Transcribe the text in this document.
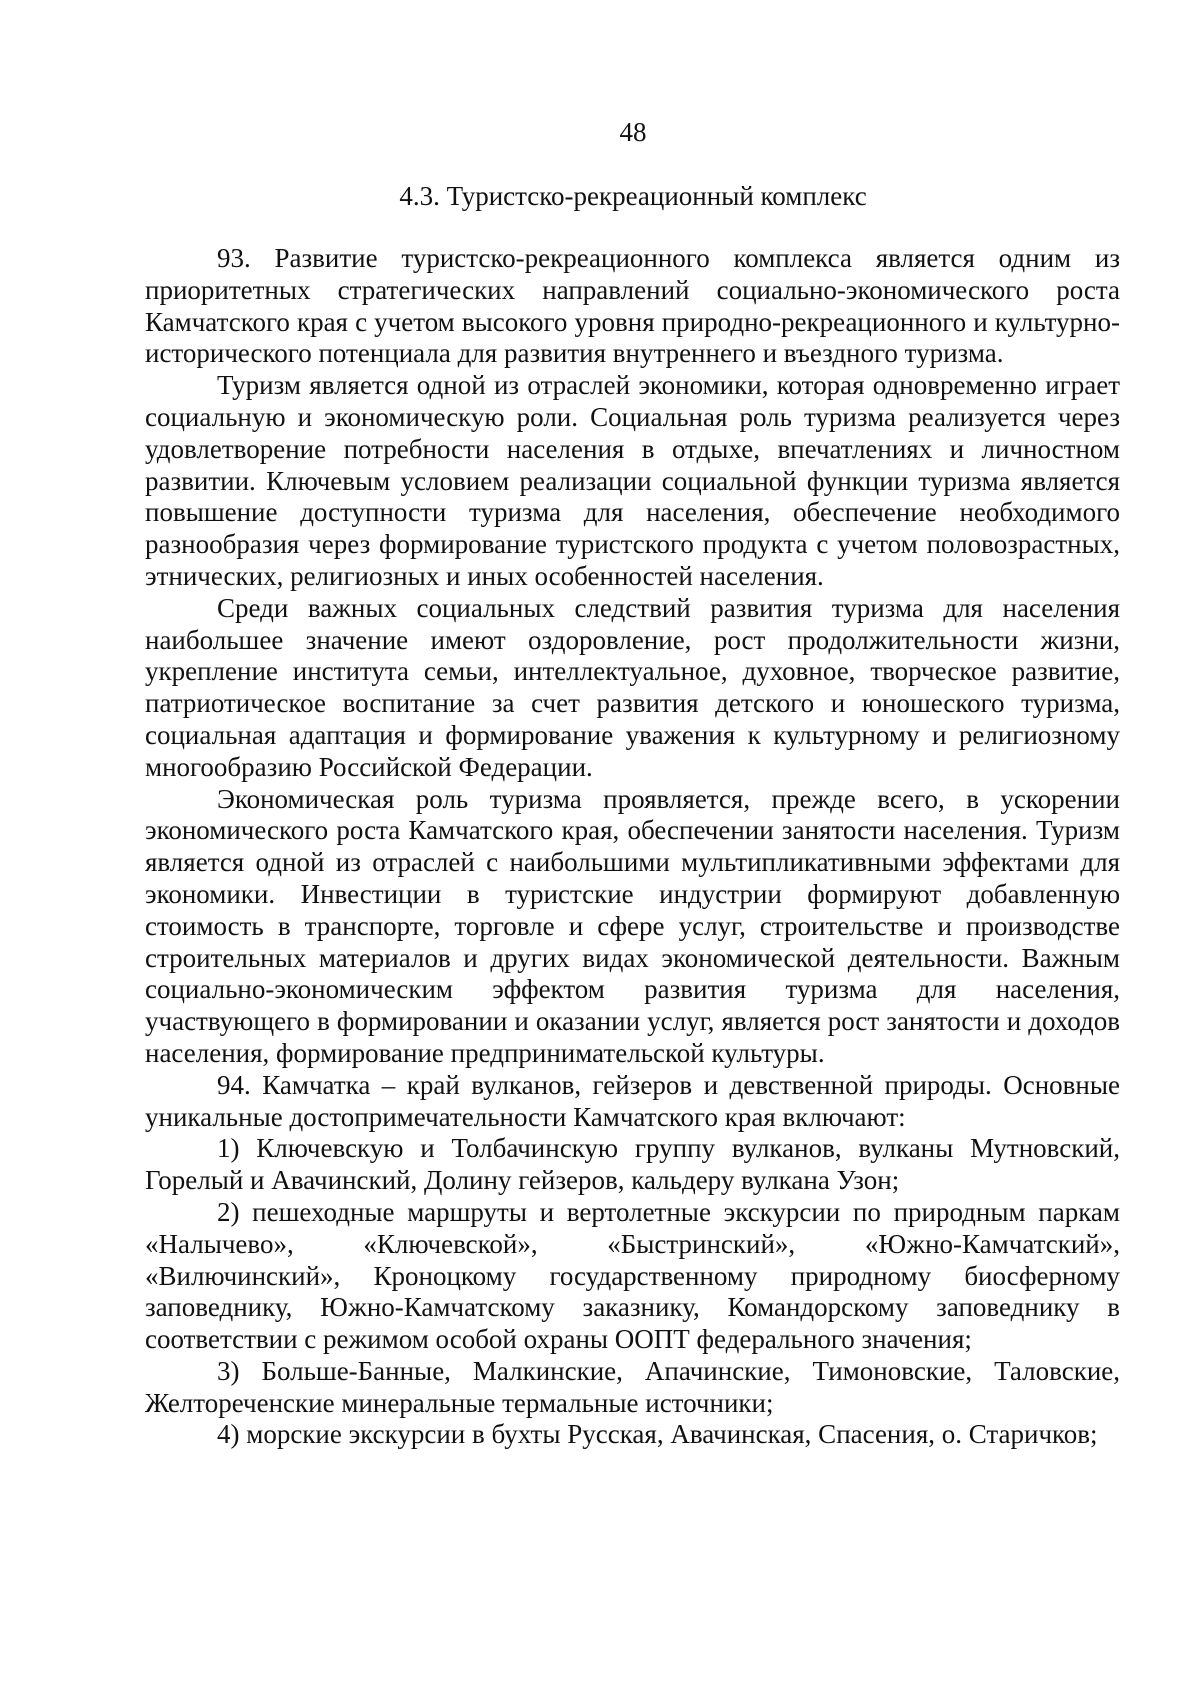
48
4.3. Туристско-рекреационный комплекс

93. Развитие туристско-рекреационного комплекса является одним из приоритетных стратегических направлений социально-экономического роста Камчатского края с учетом высокого уровня природно-рекреационного и культурно-исторического потенциала для развития внутреннего и въездного туризма.

Туризм является одной из отраслей экономики, которая одновременно играет социальную и экономическую роли. Социальная роль туризма реализуется через удовлетворение потребности населения в отдыхе, впечатлениях и личностном развитии. Ключевым условием реализации социальной функции туризма является повышение доступности туризма для населения, обеспечение необходимого разнообразия через формирование туристского продукта с учетом половозрастных, этнических, религиозных и иных особенностей населения.

Среди важных социальных следствий развития туризма для населения наибольшее значение имеют оздоровление, рост продолжительности жизни, укрепление института семьи, интеллектуальное, духовное, творческое развитие, патриотическое воспитание за счет развития детского и юношеского туризма, социальная адаптация и формирование уважения к культурному и религиозному многообразию Российской Федерации.

Экономическая роль туризма проявляется, прежде всего, в ускорении экономического роста Камчатского края, обеспечении занятости населения. Туризм является одной из отраслей с наибольшими мультипликативными эффектами для экономики. Инвестиции в туристские индустрии формируют добавленную стоимость в транспорте, торговле и сфере услуг, строительстве и производстве строительных материалов и других видах экономической деятельности. Важным социально-экономическим эффектом развития туризма для населения, участвующего в формировании и оказании услуг, является рост занятости и доходов населения, формирование предпринимательской культуры.

94. Камчатка – край вулканов, гейзеров и девственной природы. Основные уникальные достопримечательности Камчатского края включают:

1) Ключевскую и Толбачинскую группу вулканов, вулканы Мутновский, Горелый и Авачинский, Долину гейзеров, кальдеру вулкана Узон;

2) пешеходные маршруты и вертолетные экскурсии по природным паркам «Налычево», «Ключевской», «Быстринский», «Южно-Камчатский», «Вилючинский», Кроноцкому государственному природному биосферному заповеднику, Южно-Камчатскому заказнику, Командорскому заповеднику в соответствии с режимом особой охраны ООПТ федерального значения;

3) Больше-Банные, Малкинские, Апачинские, Тимоновские, Таловские, Желтореченские минеральные термальные источники;

4) морские экскурсии в бухты Русская, Авачинская, Спасения, о. Старичков;
